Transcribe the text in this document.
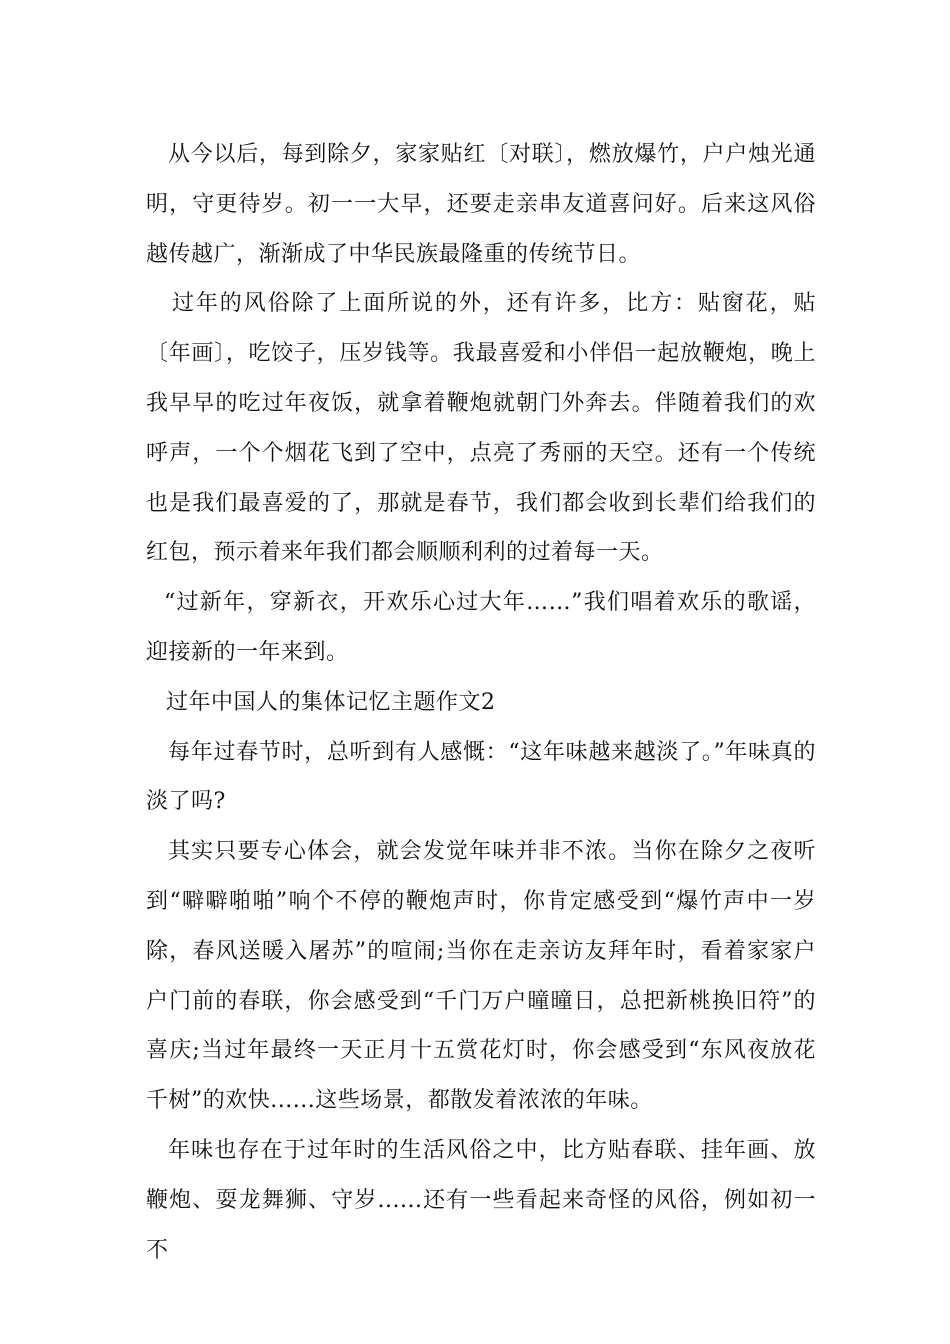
从今以后，每到除夕，家家贴红〔对联〕，燃放爆竹，户户烛光通明，守更待岁。初一一大早，还要走亲串友道喜问好。后来这风俗越传越广，渐渐成了中华民族最隆重的传统节日。

过年的风俗除了上面所说的外，还有许多，比方：贴窗花，贴〔年画〕，吃饺子，压岁钱等。我最喜爱和小伴侣一起放鞭炮，晚上我早早的吃过年夜饭，就拿着鞭炮就朝门外奔去。伴随着我们的欢呼声，一个个烟花飞到了空中，点亮了秀丽的天空。还有一个传统也是我们最喜爱的了，那就是春节，我们都会收到长辈们给我们的红包，预示着来年我们都会顺顺利利的过着每一天。

“过新年，穿新衣，开欢乐心过大年……”我们唱着欢乐的歌谣，迎接新的一年来到。

过年中国人的集体记忆主题作文2

每年过春节时，总听到有人感慨：“这年味越来越淡了。”年味真的淡了吗?

其实只要专心体会，就会发觉年味并非不浓。当你在除夕之夜听到“噼噼啪啪”响个不停的鞭炮声时，你肯定感受到“爆竹声中一岁除，春风送暖入屠苏”的喧闹;当你在走亲访友拜年时，看着家家户户门前的春联，你会感受到“千门万户曈曈日，总把新桃换旧符”的喜庆;当过年最终一天正月十五赏花灯时，你会感受到“东风夜放花千树”的欢快......这些场景，都散发着浓浓的年味。

年味也存在于过年时的生活风俗之中，比方贴春联、挂年画、放鞭炮、耍龙舞狮、守岁......还有一些看起来奇怪的风俗，例如初一不
